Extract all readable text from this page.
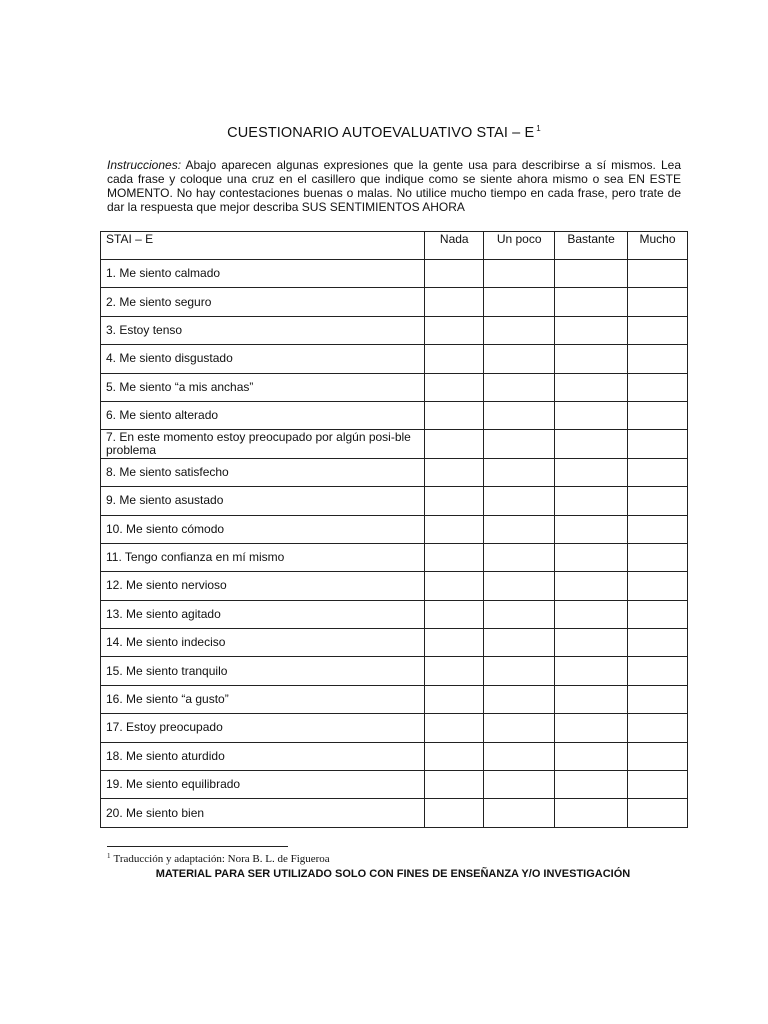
CUESTIONARIO AUTOEVALUATIVO STAI – E $^1$
Instrucciones: Abajo aparecen algunas expresiones que la gente usa para describirse a sí mismos. Lea cada frase y coloque una cruz en el casillero que indique como se siente ahora mismo o sea EN ESTE MOMENTO. No hay contestaciones buenas o malas. No utilice mucho tiempo en cada frase, pero trate de dar la respuesta que mejor describa SUS SENTIMIENTOS AHORA
STAI – E	Nada	Un poco	Bastante	Mucho
1. Me siento calmado				
2. Me siento seguro				
3. Estoy tenso				
4. Me siento disgustado				
5. Me siento “a mis anchas”				
6. Me siento alterado				
7. En este momento estoy preocupado por algún posi-ble problema				
8. Me siento satisfecho				
9. Me siento asustado				
10. Me siento cómodo				
11. Tengo confianza en mí mismo				
12. Me siento nervioso				
13. Me siento agitado				
14. Me siento indeciso				
15. Me siento tranquilo				
16. Me siento “a gusto”				
17. Estoy preocupado				
18. Me siento aturdido				
19. Me siento equilibrado				
20. Me siento bien				
$^1$ Traducción y adaptación: Nora B. L. de Figueroa
MATERIAL PARA SER UTILIZADO SOLO CON FINES DE ENSEÑANZA Y/O INVESTIGACIÓN
